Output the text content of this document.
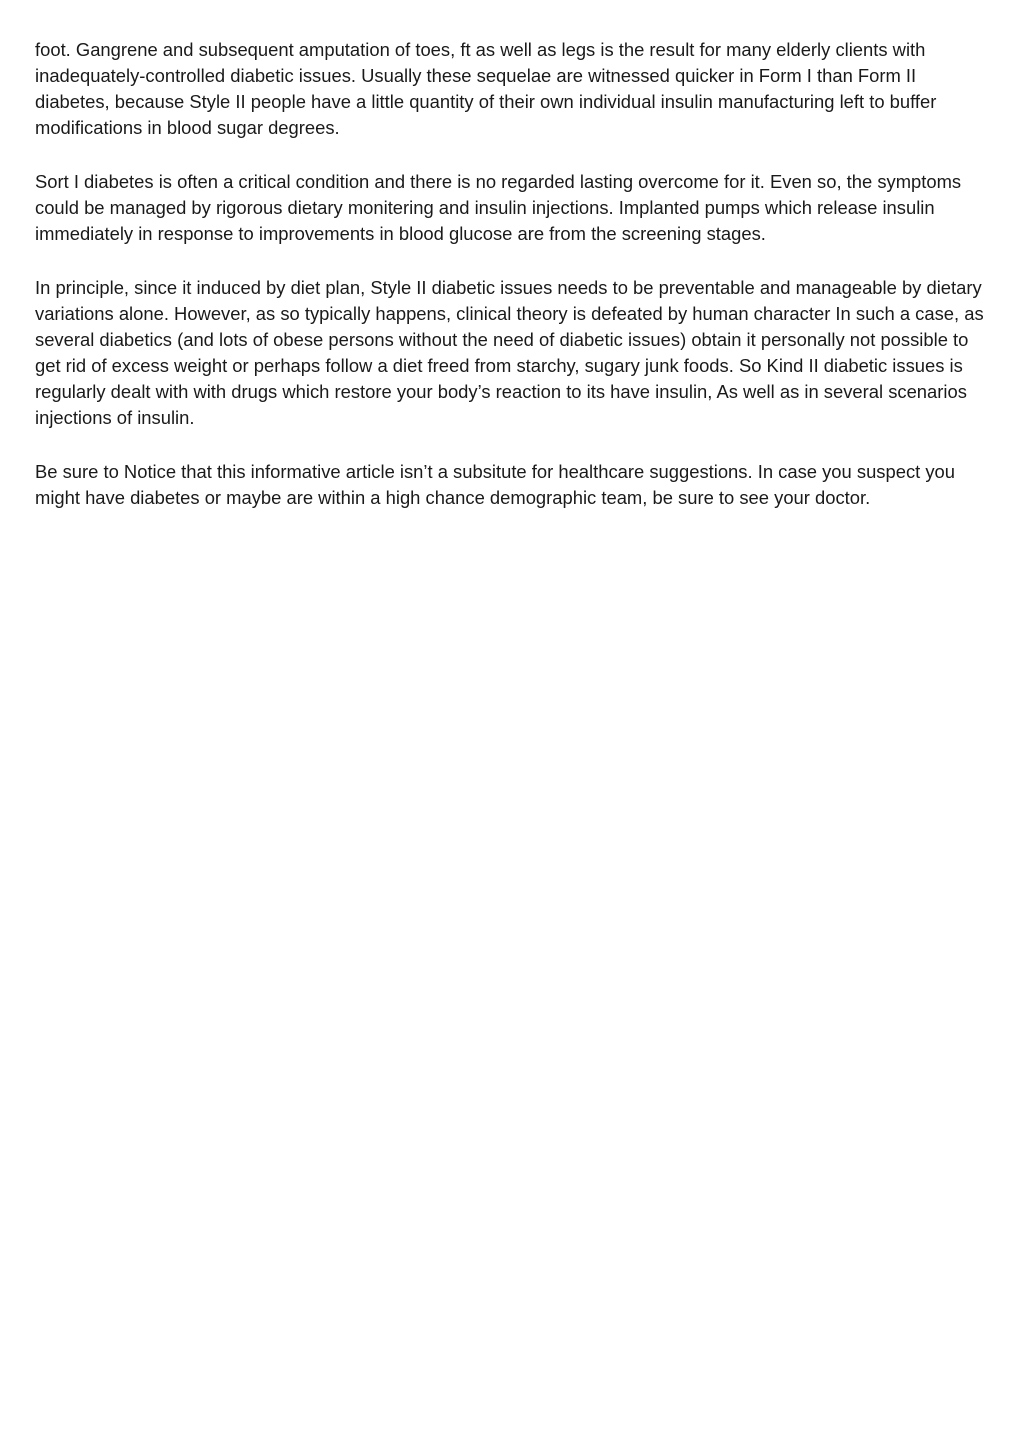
foot. Gangrene and subsequent amputation of toes, ft as well as legs is the result for many elderly clients with inadequately-controlled diabetic issues. Usually these sequelae are witnessed quicker in Form I than Form II diabetes, because Style II people have a little quantity of their own individual insulin manufacturing left to buffer modifications in blood sugar degrees.

Sort I diabetes is often a critical condition and there is no regarded lasting overcome for it. Even so, the symptoms could be managed by rigorous dietary monitering and insulin injections. Implanted pumps which release insulin immediately in response to improvements in blood glucose are from the screening stages.

In principle, since it induced by diet plan, Style II diabetic issues needs to be preventable and manageable by dietary variations alone. However, as so typically happens, clinical theory is defeated by human character In such a case, as several diabetics (and lots of obese persons without the need of diabetic issues) obtain it personally not possible to get rid of excess weight or perhaps follow a diet freed from starchy, sugary junk foods. So Kind II diabetic issues is regularly dealt with with drugs which restore your body’s reaction to its have insulin, As well as in several scenarios injections of insulin.

Be sure to Notice that this informative article isn’t a subsitute for healthcare suggestions. In case you suspect you might have diabetes or maybe are within a high chance demographic team, be sure to see your doctor.
